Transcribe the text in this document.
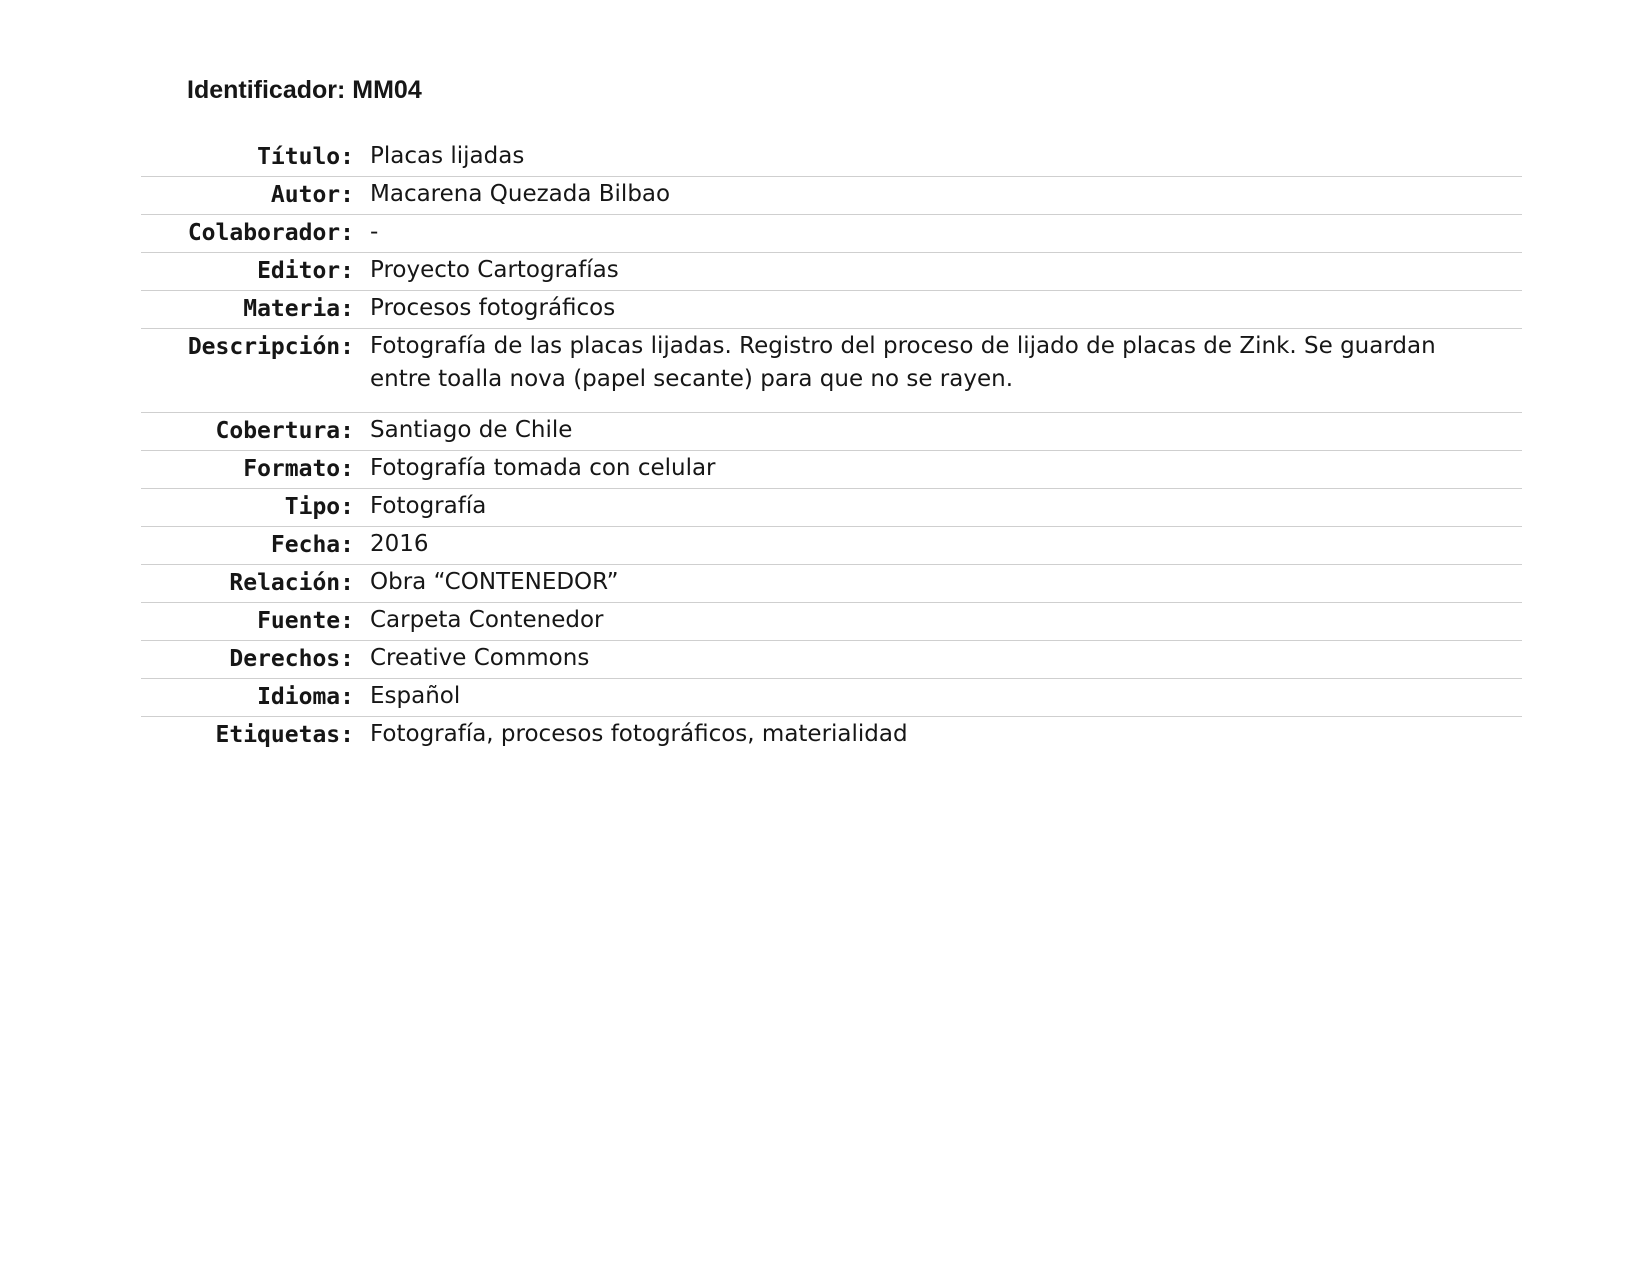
Identificador: MM04
Título: Placas lijadas
Autor: Macarena Quezada Bilbao
Colaborador: -
Editor: Proyecto Cartografías
Materia: Procesos fotográficos
Descripción: Fotografía de las placas lijadas. Registro del proceso de lijado de placas de Zink. Se guardan entre toalla nova (papel secante) para que no se rayen.
Cobertura: Santiago de Chile
Formato: Fotografía tomada con celular
Tipo: Fotografía
Fecha: 2016
Relación: Obra “CONTENEDOR”
Fuente: Carpeta Contenedor
Derechos: Creative Commons
Idioma: Español
Etiquetas: Fotografía, procesos fotográficos, materialidad
